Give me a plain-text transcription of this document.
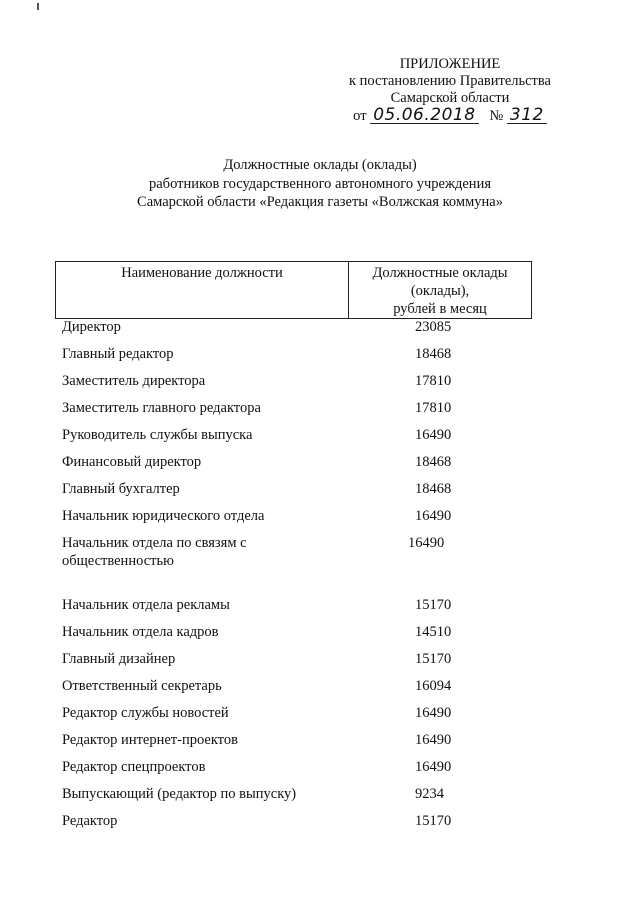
ПРИЛОЖЕНИЕ
к постановлению Правительства
Самарской области
от 05.06.2018 № 312
Должностные оклады (оклады)
работников государственного автономного учреждения
Самарской области «Редакция газеты «Волжская коммуна»
Наименование должности	Должностные оклады
(оклады),
рублей в месяц
Директор	23085
Главный редактор	18468
Заместитель директора	17810
Заместитель главного редактора	17810
Руководитель службы выпуска	16490
Финансовый директор	18468
Главный бухгалтер	18468
Начальник юридического отдела	16490
Начальник отдела по связям с общественностью
16490
Начальник отдела рекламы	15170
Начальник отдела кадров	14510
Главный дизайнер	15170
Ответственный секретарь	16094
Редактор службы новостей	16490
Редактор интернет-проектов	16490
Редактор спецпроектов	16490
Выпускающий (редактор по выпуску)	9234
Редактор	15170
